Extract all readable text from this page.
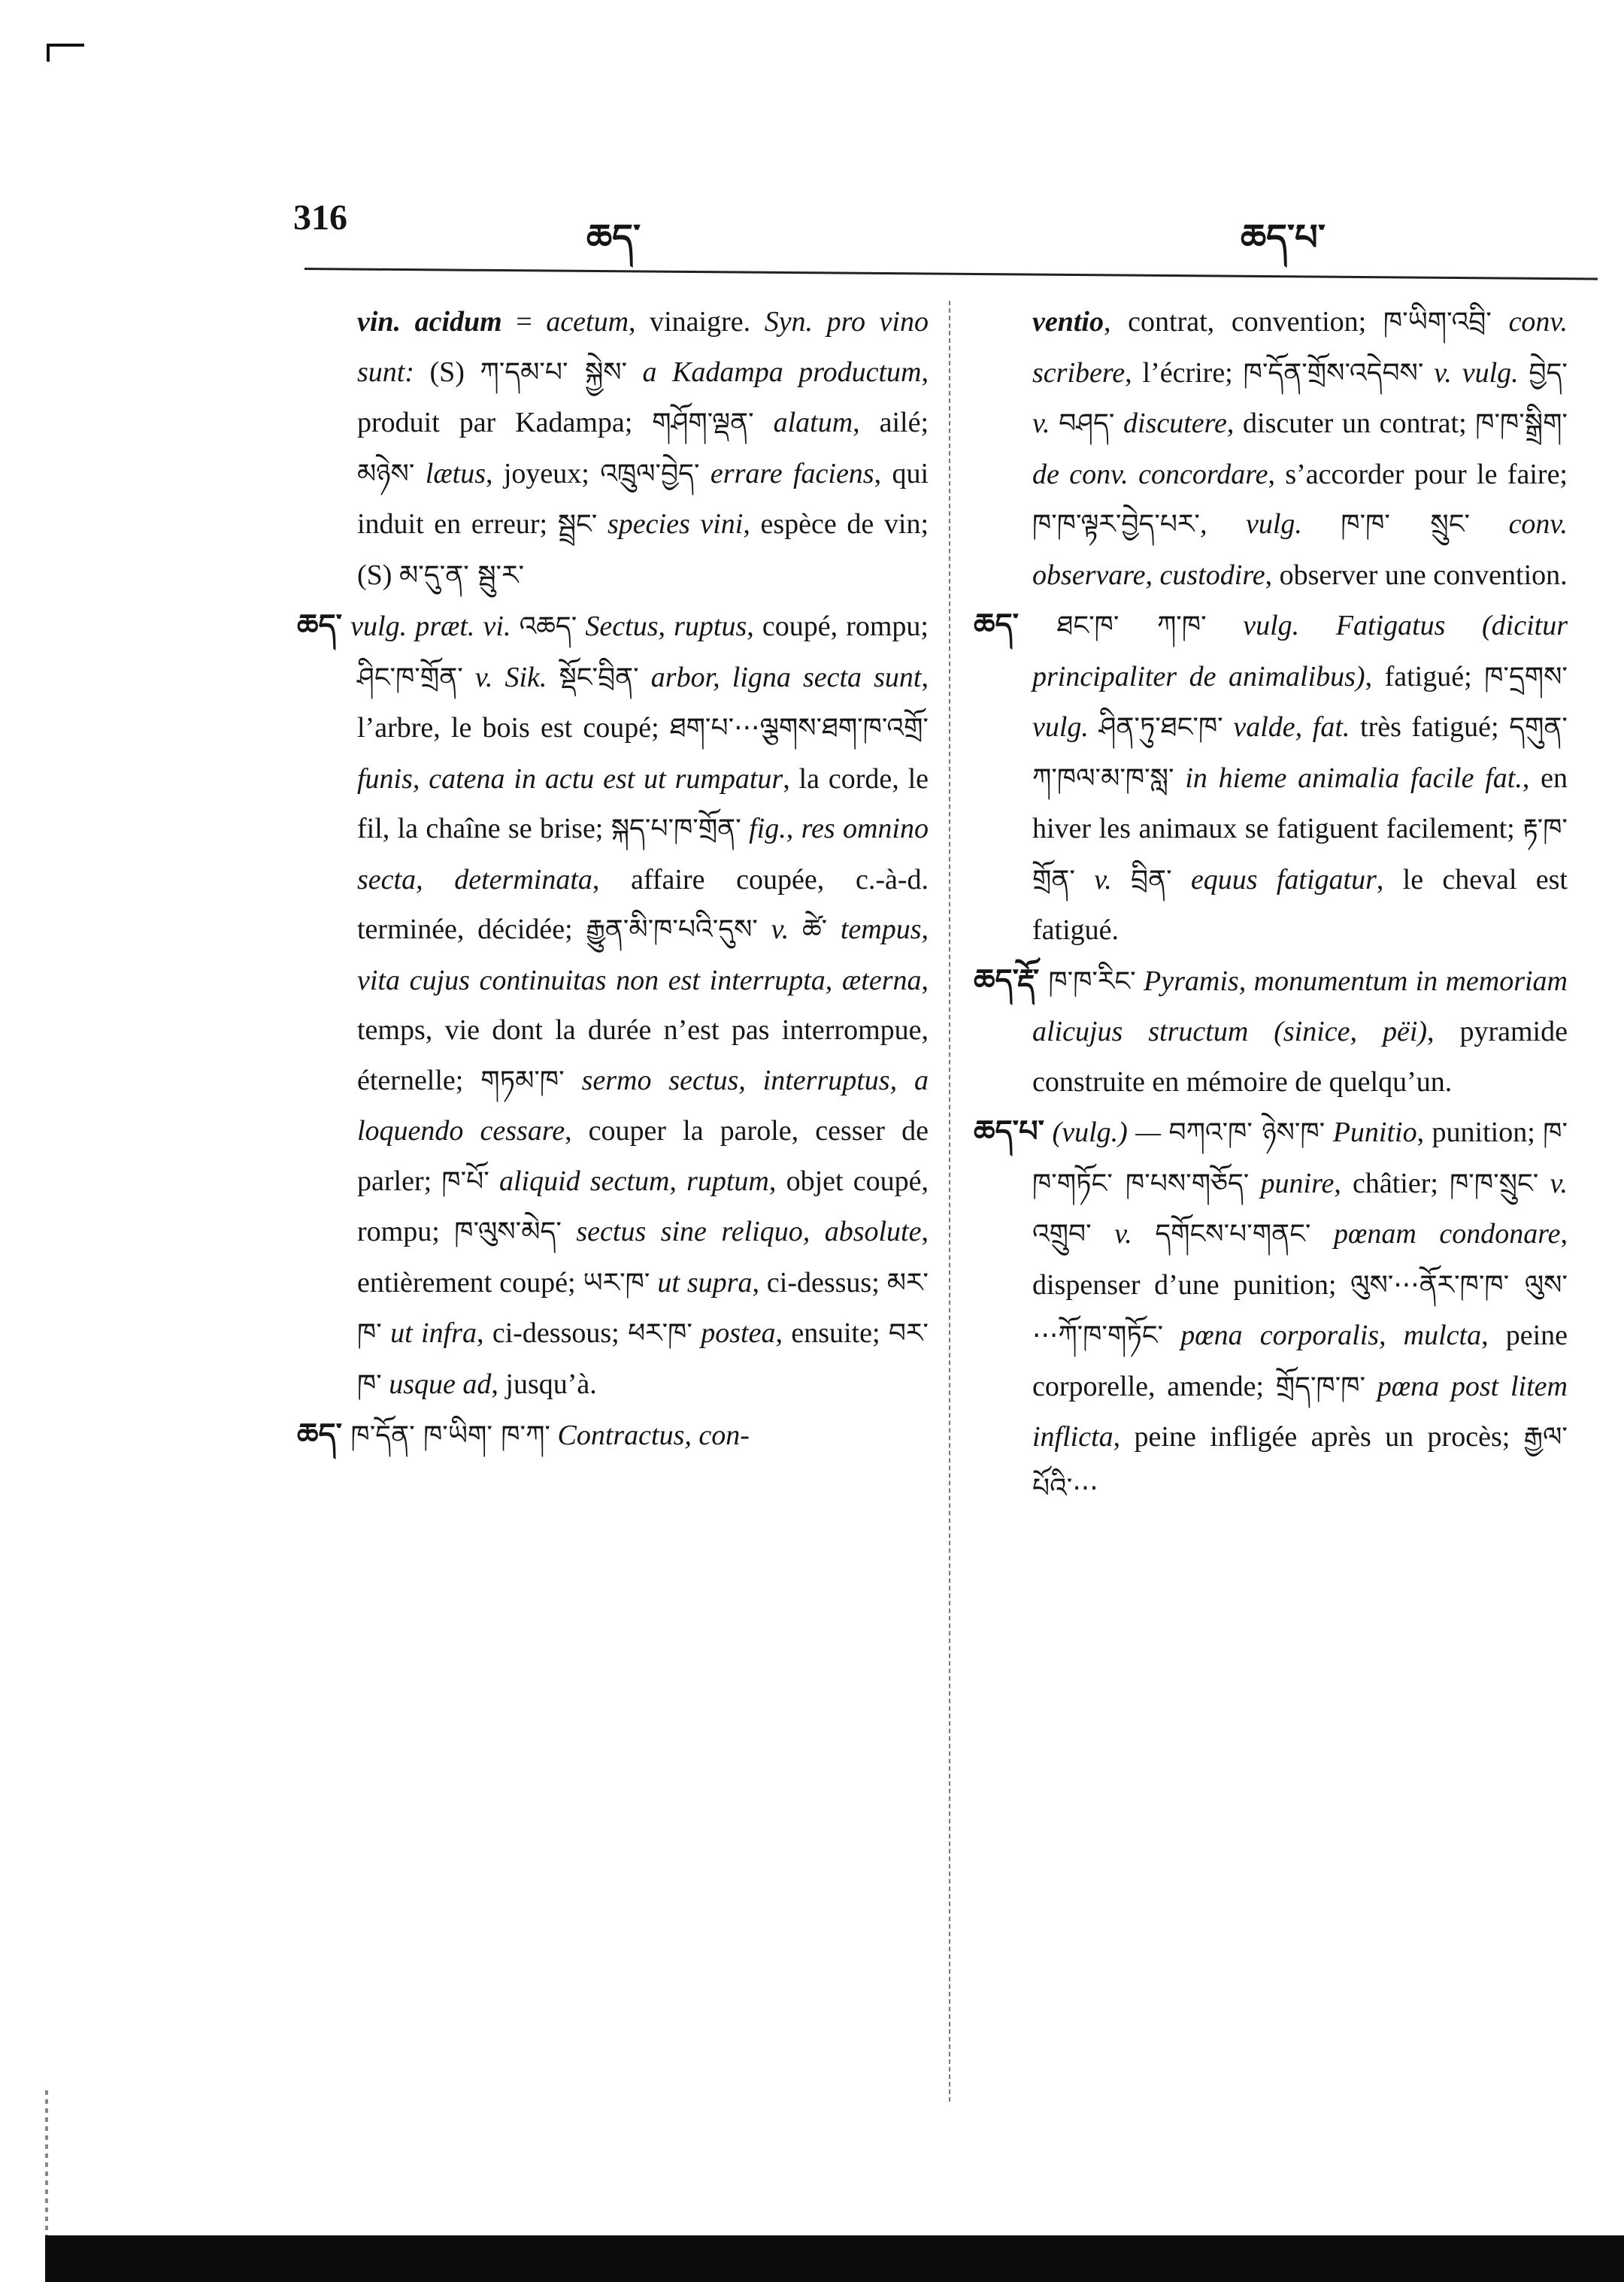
316	ཆད་	ཆད་པ་

vin. acidum = acetum, vinaigre. Syn. pro vino sunt: (S) ཀ་དམ་པ་ སྐྱེས་ a Kadampa productum, produit par Kadampa; གཤོག་ལྡན་ alatum, ailé; མཉེས་ lætus, joyeux; འཁྲུལ་བྱེད་ errare faciens, qui induit en erreur; སྦྲང་ species vini, espèce de vin; (S) མ་དུ་ན་ སྦུ་ར་

ཆད་ vulg. præt. vi. འཆད་ Sectus, ruptus, coupé, rompu; ཤིང་ཁ་གྲོན་ v. Sik. སྡོང་བྲིན་ arbor, ligna secta sunt, l’arbre, le bois est coupé; ཐག་པ་···ལྕགས་ཐག་ཁ་འགྲོ་ funis, catena in actu est ut rumpatur, la corde, le fil, la chaîne se brise; སྐད་པ་ཁ་གྲོན་ fig., res omnino secta, determinata, affaire coupée, c.-à-d. terminée, décidée; རྒྱུན་མི་ཁ་པའི་དུས་ v. ཚེ་ tempus, vita cujus continuitas non est interrupta, æterna, temps, vie dont la durée n’est pas interrompue, éternelle; གཏམ་ཁ་ sermo sectus, interruptus, a loquendo cessare, couper la parole, cesser de parler; ཁ་པོ་ aliquid sectum, ruptum, objet coupé, rompu; ཁ་ལུས་མེད་ sectus sine reliquo, absolute, entièrement coupé; ཡར་ཁ་ ut supra, ci-dessus; མར་ཁ་ ut infra, ci-dessous; ཕར་ཁ་ postea, ensuite; བར་ཁ་ usque ad, jusqu’à.

ཆད་ ཁ་དོན་ ཁ་ཡིག་ ཁ་ཀ་ Contractus, con-

ventio, contrat, convention; ཁ་ཡིག་འབྲི་ conv. scribere, l’écrire; ཁ་དོན་གྲོས་འདེབས་ v. vulg. བྱེད་ v. བཤད་ discutere, discuter un contrat; ཁ་ཁ་སྒྲིག་ de conv. concordare, s’accorder pour le faire; ཁ་ཁ་ལྟར་བྱེད་པར་, vulg. ཁ་ཁ་ སྲུང་ conv. observare, custodire, observer une convention.

ཆད་ ཐང་ཁ་ ཀ་ཁ་ vulg. Fatigatus (dicitur principaliter de animalibus), fatigué; ཁ་དྲགས་ vulg. ཤིན་ཏུ་ཐང་ཁ་ valde, fat. très fatigué; དགུན་ཀ་ཁལ་མ་ཁ་སླ་ in hieme animalia facile fat., en hiver les animaux se fatiguent facilement; རྟ་ཁ་ གྲོན་ v. བྲིན་ equus fatigatur, le cheval est fatigué.

ཆད་རྡོ་ ཁ་ཁ་རིང་ Pyramis, monumentum in memoriam alicujus structum (sinice, pëi), pyramide construite en mémoire de quelqu’un.

ཆད་པ་ (vulg.) — བཀའ་ཁ་ ཉེས་ཁ་ Punitio, punition; ཁ་ཁ་གཏོང་ ཁ་པས་གཅོད་ punire, châtier; ཁ་ཁ་སྲུང་ v. འགྲུབ་ v. དགོངས་པ་གནང་ pœnam condonare, dispenser d’une punition; ལུས་···ནོར་ཁ་ཁ་ ལུས་···ཀོ་ཁ་གཏོང་ pœna corporalis, mulcta, peine corporelle, amende; གྲོད་ཁ་ཁ་ pœna post litem inflicta, peine infligée après un procès; རྒྱལ་པོའི་···
